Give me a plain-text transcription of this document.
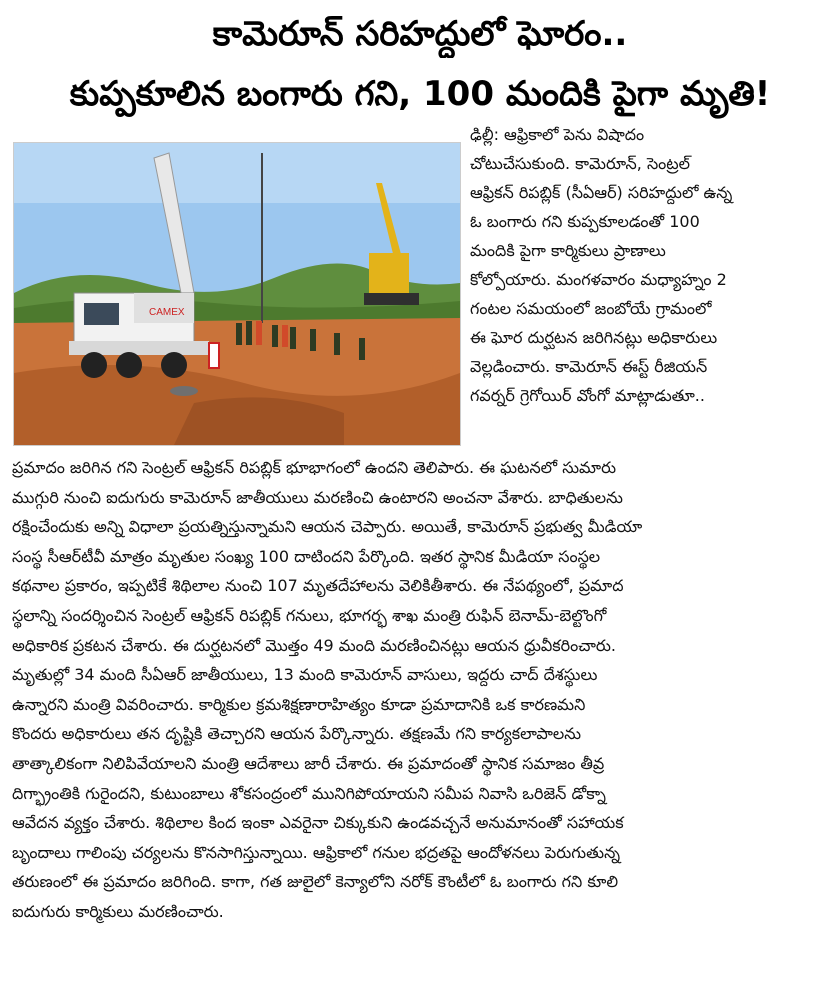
కామెరూన్ సరిహద్దులో ఘోరం..
కుప్పకూలిన బంగారు గని, 100 మందికి పైగా మృతి!
CAMEX
ఢిల్లీ: ఆఫ్రికాలో పెను విషాదం
చోటుచేసుకుంది. కామెరూన్, సెంట్రల్
ఆఫ్రికన్ రిపబ్లిక్ (సీఏఆర్) సరిహద్దులో ఉన్న
ఓ బంగారు గని కుప్పకూలడంతో 100
మందికి పైగా కార్మికులు ప్రాణాలు
కోల్పోయారు. మంగళవారం మధ్యాహ్నం 2
గంటల సమయంలో జంబోయే గ్రామంలో
ఈ ఘోర దుర్ఘటన జరిగినట్లు అధికారులు
వెల్లడించారు. కామెరూన్ ఈస్ట్ రీజియన్
గవర్నర్ గ్రెగోయిర్ వోంగో మాట్లాడుతూ..
ప్రమాదం జరిగిన గని సెంట్రల్ ఆఫ్రికన్ రిపబ్లిక్ భూభాగంలో ఉందని తెలిపారు. ఈ ఘటనలో సుమారు
ముగ్గురి నుంచి ఐదుగురు కామెరూన్ జాతీయులు మరణించి ఉంటారని అంచనా వేశారు. బాధితులను
రక్షించేందుకు అన్ని విధాలా ప్రయత్నిస్తున్నామని ఆయన చెప్పారు. అయితే, కామెరూన్ ప్రభుత్వ మీడియా
సంస్థ సీఆర్‌టీవీ మాత్రం మృతుల సంఖ్య 100 దాటిందని పేర్కొంది. ఇతర స్థానిక మీడియా సంస్థల
కథనాల ప్రకారం, ఇప్పటికే శిథిలాల నుంచి 107 మృతదేహాలను వెలికితీశారు. ఈ నేపథ్యంలో, ప్రమాద
స్థలాన్ని సందర్శించిన సెంట్రల్ ఆఫ్రికన్ రిపబ్లిక్ గనులు, భూగర్భ శాఖ మంత్రి రుఫిన్ బెనామ్-బెల్టొంగో
అధికారిక ప్రకటన చేశారు. ఈ దుర్ఘటనలో మొత్తం 49 మంది మరణించినట్లు ఆయన ధ్రువీకరించారు.
మృతుల్లో 34 మంది సీఏఆర్ జాతీయులు, 13 మంది కామెరూన్ వాసులు, ఇద్దరు చాద్ దేశస్థులు
ఉన్నారని మంత్రి వివరించారు. కార్మికుల క్రమశిక్షణారాహిత్యం కూడా ప్రమాదానికి ఒక కారణమని
కొందరు అధికారులు తన దృష్టికి తెచ్చారని ఆయన పేర్కొన్నారు. తక్షణమే గని కార్యకలాపాలను
తాత్కాలికంగా నిలిపివేయాలని మంత్రి ఆదేశాలు జారీ చేశారు. ఈ ప్రమాదంతో స్థానిక సమాజం తీవ్ర
దిగ్భ్రాంతికి గురైందని, కుటుంబాలు శోకసంద్రంలో మునిగిపోయాయని సమీప నివాసి ఒరిజెన్ డోక్నా
ఆవేదన వ్యక్తం చేశారు. శిథిలాల కింద ఇంకా ఎవరైనా చిక్కుకుని ఉండవచ్చనే అనుమానంతో సహాయక
బృందాలు గాలింపు చర్యలను కొనసాగిస్తున్నాయి. ఆఫ్రికాలో గనుల భద్రతపై ఆందోళనలు పెరుగుతున్న
తరుణంలో ఈ ప్రమాదం జరిగింది. కాగా, గత జులైలో కెన్యాలోని నరోక్ కౌంటీలో ఓ బంగారు గని కూలి
ఐదుగురు కార్మికులు మరణించారు.
